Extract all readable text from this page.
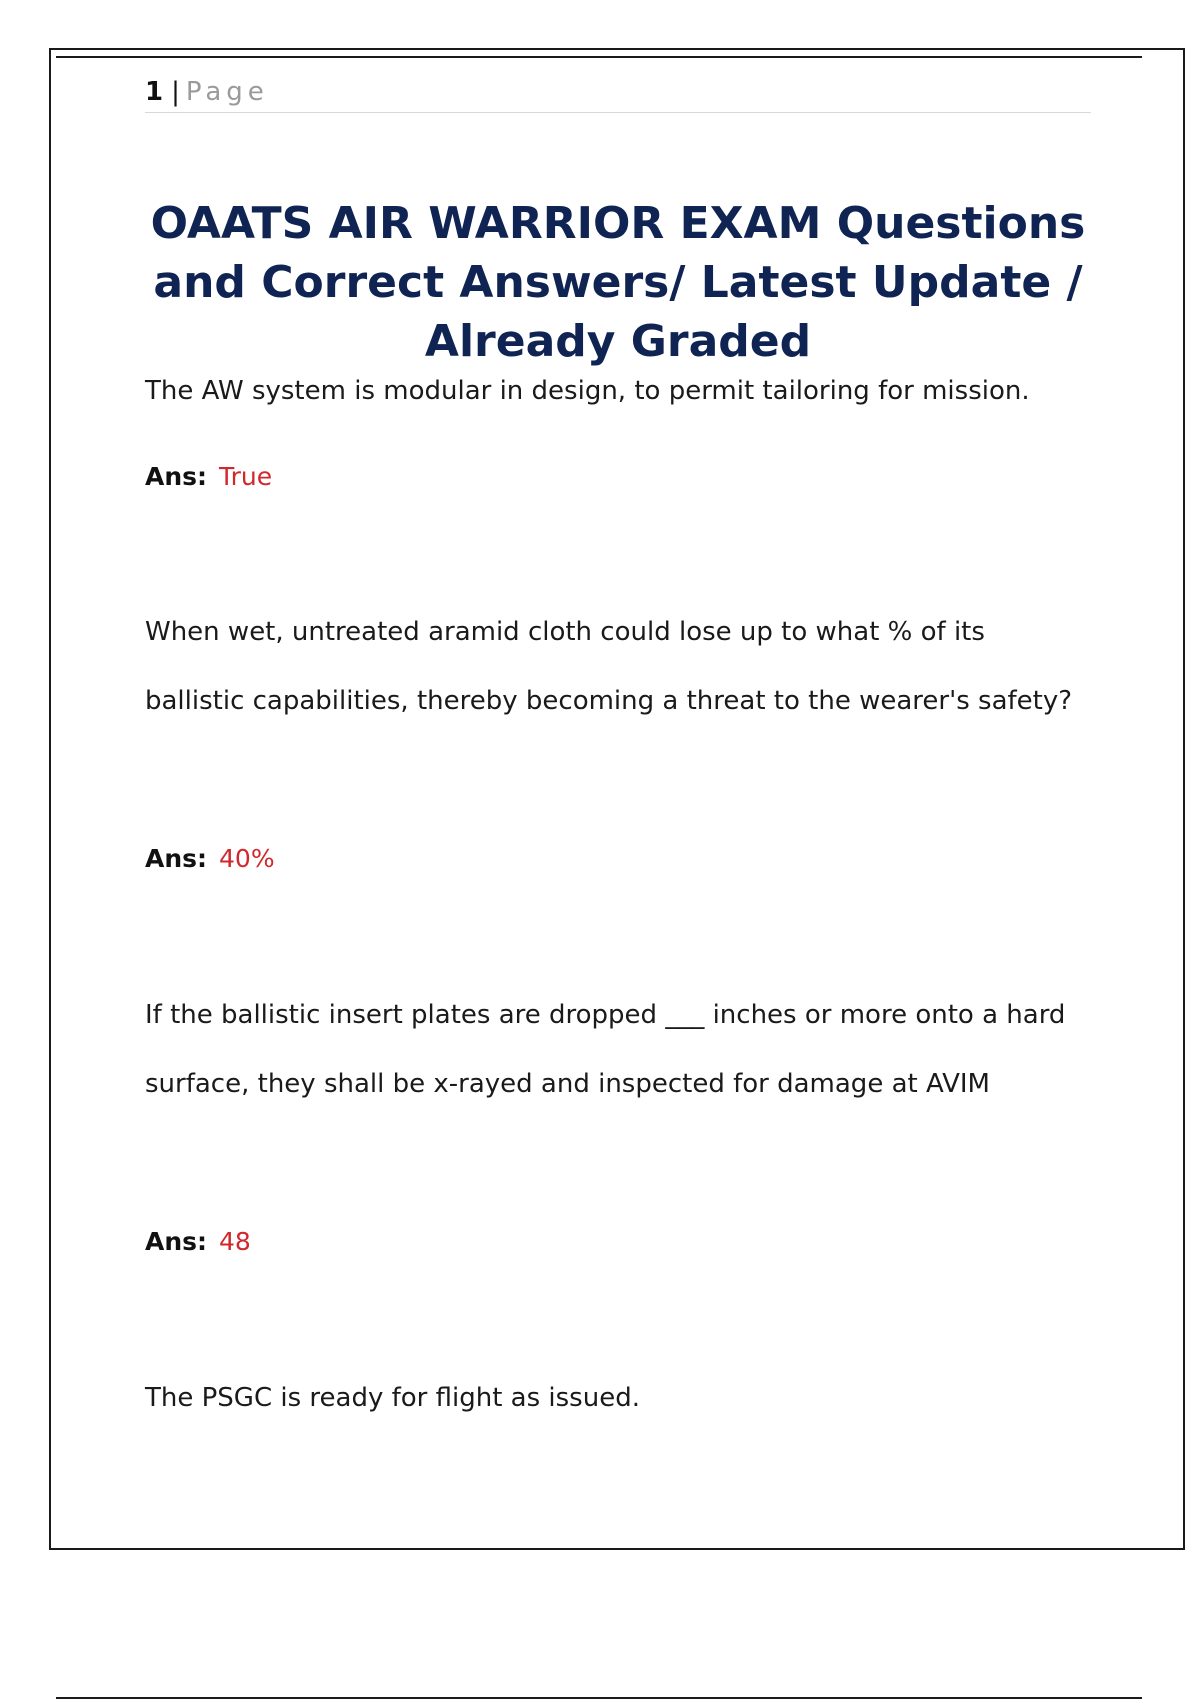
1 | Page
OAATS AIR WARRIOR EXAM Questions and Correct Answers/ Latest Update / Already Graded

The AW system is modular in design, to permit tailoring for mission.

Ans: True

When wet, untreated aramid cloth could lose up to what % of its ballistic capabilities, thereby becoming a threat to the wearer's safety?

Ans: 40%

If the ballistic insert plates are dropped ___ inches or more onto a hard surface, they shall be x-rayed and inspected for damage at AVIM

Ans: 48

The PSGC is ready for flight as issued.
